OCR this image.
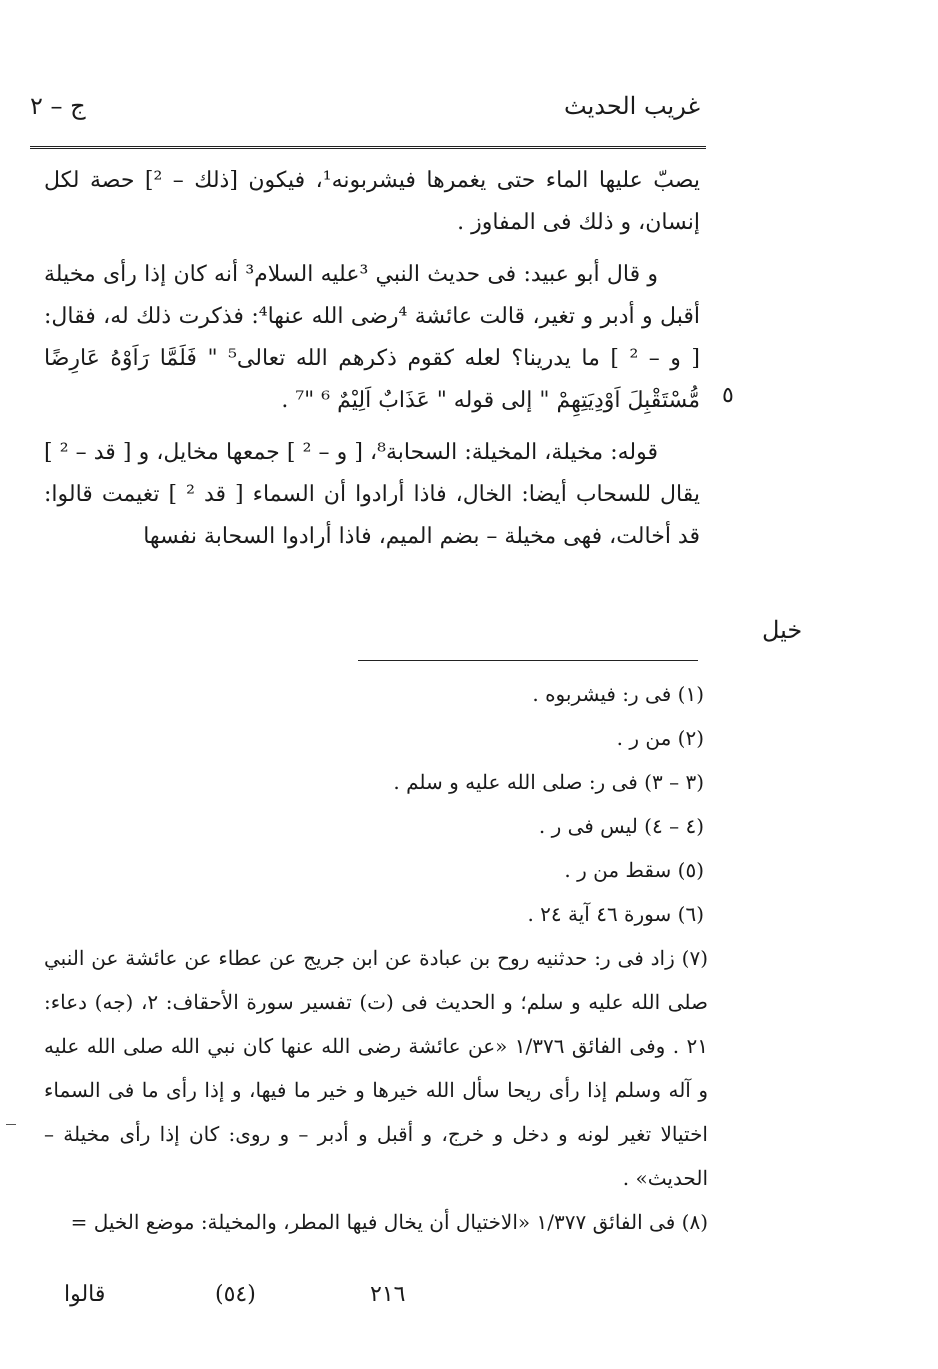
غريب الحديث
ج – ٢

يصبّ عليها الماء حتى يغمرها فيشربونه¹، فيكون [ذلك – ²] حصة لكل إنسان، و ذلك فى المفاوز .

و قال أبو عبيد: فى حديث النبي ³عليه السلام³ أنه كان إذا رأى مخيلة أقبل و أدبر و تغير، قالت عائشة ⁴رضى الله عنها⁴: فذكرت ذلك له، فقال: [ و – ² ] ما يدرينا؟ لعله كقوم ذكرهم الله تعالى⁵ " فَلَمَّا رَاَوْهُ عَارِضًا مُّسْتَقْبِلَ اَوْدِيَتِهِمْ " إلى قوله " عَذَابٌ اَلِيْمٌ ⁶ "⁷ .

قوله: مخيلة، المخيلة: السحابة⁸، [ و – ² ] جمعها مخايل، و [ قد – ² ] يقال للسحاب أيضا: الخال، فاذا أرادوا أن السماء [ قد ² ] تغيمت قالوا: قد أخالت، فهى مخيلة – بضم الميم، فاذا أرادوا السحابة نفسها

٥
خيل

(١) فى ر: فيشربوه .

(٢) من ر .

(٣ – ٣) فى ر: صلى الله عليه و سلم .

(٤ – ٤) ليس فى ر .

(٥) سقط من ر .

(٦) سورة ٤٦ آية ٢٤ .

(٧) زاد فى ر: حدثنيه روح بن عبادة عن ابن جريج عن عطاء عن عائشة عن النبي صلى الله عليه و سلم؛ و الحديث فى (ت) تفسير سورة الأحقاف: ٢، (جه) دعاء: ٢١ . وفى الفائق ١/٣٧٦ «عن عائشة رضى الله عنها كان نبي الله صلى الله عليه و آله وسلم إذا رأى ريحا سأل الله خيرها و خير ما فيها، و إذا رأى ما فى السماء اختيالا تغير لونه و دخل و خرج، و أقبل و أدبر – و روى: كان إذا رأى مخيلة – الحديث» .

(٨) فى الفائق ١/٣٧٧ «الاختيال أن يخال فيها المطر، والمخيلة: موضع الخيل =

قالوا	(٥٤)	٢١٦
